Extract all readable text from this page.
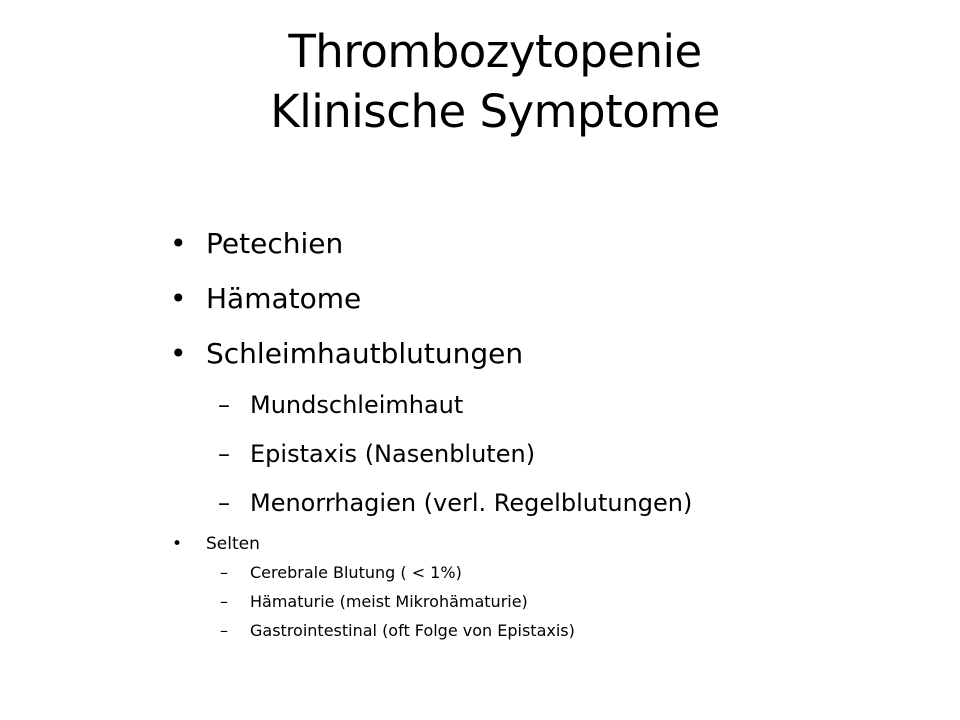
Thrombozytopenie
Klinische Symptome
• Petechien
• Hämatome
• Schleimhautblutungen
– Mundschleimhaut
– Epistaxis (Nasenbluten)
– Menorrhagien (verl. Regelblutungen)
• Selten
– Cerebrale Blutung ( < 1%)
– Hämaturie (meist Mikrohämaturie)
– Gastrointestinal (oft Folge von Epistaxis)
